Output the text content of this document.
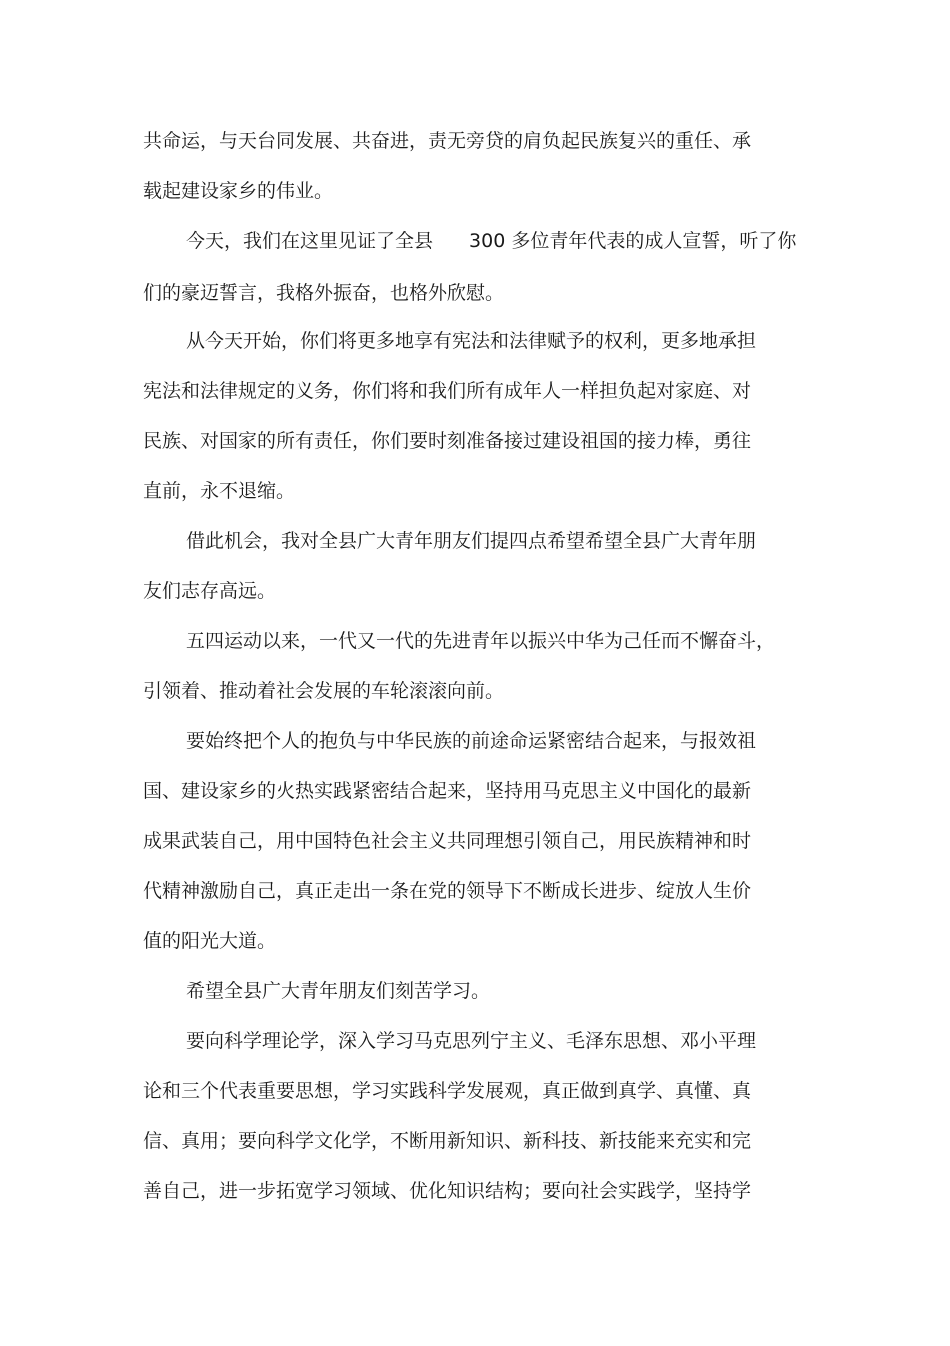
共命运，与天台同发展、共奋进，责无旁贷的肩负起民族复兴的重任、承
载起建设家乡的伟业。
今天，我们在这里见证了全县 300 多位青年代表的成人宣誓，听了你
们的豪迈誓言，我格外振奋，也格外欣慰。
从今天开始，你们将更多地享有宪法和法律赋予的权利，更多地承担
宪法和法律规定的义务，你们将和我们所有成年人一样担负起对家庭、对
民族、对国家的所有责任，你们要时刻准备接过建设祖国的接力棒，勇往
直前，永不退缩。
借此机会，我对全县广大青年朋友们提四点希望希望全县广大青年朋
友们志存高远。
五四运动以来，一代又一代的先进青年以振兴中华为己任而不懈奋斗，
引领着、推动着社会发展的车轮滚滚向前。
要始终把个人的抱负与中华民族的前途命运紧密结合起来，与报效祖
国、建设家乡的火热实践紧密结合起来，坚持用马克思主义中国化的最新
成果武装自己，用中国特色社会主义共同理想引领自己，用民族精神和时
代精神激励自己，真正走出一条在党的领导下不断成长进步、绽放人生价
值的阳光大道。
希望全县广大青年朋友们刻苦学习。
要向科学理论学，深入学习马克思列宁主义、毛泽东思想、邓小平理
论和三个代表重要思想，学习实践科学发展观，真正做到真学、真懂、真
信、真用；要向科学文化学，不断用新知识、新科技、新技能来充实和完
善自己，进一步拓宽学习领域、优化知识结构；要向社会实践学，坚持学
